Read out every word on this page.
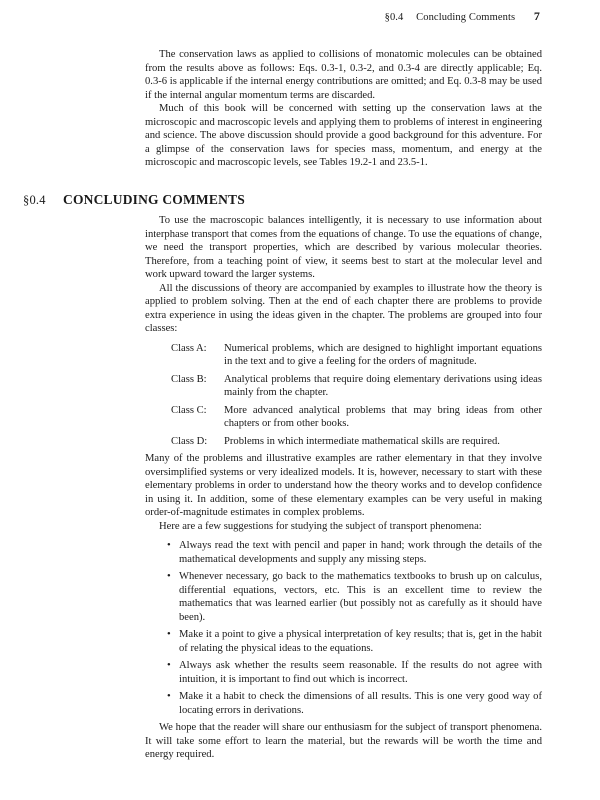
§0.4 Concluding Comments 7

The conservation laws as applied to collisions of monatomic molecules can be obtained from the results above as follows: Eqs. 0.3-1, 0.3-2, and 0.3-4 are directly applicable; Eq. 0.3-6 is applicable if the internal energy contributions are omitted; and Eq. 0.3-8 may be used if the internal angular momentum terms are discarded.

Much of this book will be concerned with setting up the conservation laws at the microscopic and macroscopic levels and applying them to problems of interest in engineering and science. The above discussion should provide a good background for this adventure. For a glimpse of the conservation laws for species mass, momentum, and energy at the microscopic and macroscopic levels, see Tables 19.2-1 and 23.5-1.

§0.4 CONCLUDING COMMENTS

To use the macroscopic balances intelligently, it is necessary to use information about interphase transport that comes from the equations of change. To use the equations of change, we need the transport properties, which are described by various molecular theories. Therefore, from a teaching point of view, it seems best to start at the molecular level and work upward toward the larger systems.

All the discussions of theory are accompanied by examples to illustrate how the theory is applied to problem solving. Then at the end of each chapter there are problems to provide extra experience in using the ideas given in the chapter. The problems are grouped into four classes:

Class A:	Numerical problems, which are designed to highlight important equations in the text and to give a feeling for the orders of magnitude.
Class B:	Analytical problems that require doing elementary derivations using ideas mainly from the chapter.
Class C:	More advanced analytical problems that may bring ideas from other chapters or from other books.
Class D:	Problems in which intermediate mathematical skills are required.

Many of the problems and illustrative examples are rather elementary in that they involve oversimplified systems or very idealized models. It is, however, necessary to start with these elementary problems in order to understand how the theory works and to develop confidence in using it. In addition, some of these elementary examples can be very useful in making order-of-magnitude estimates in complex problems.

Here are a few suggestions for studying the subject of transport phenomena:

• Always read the text with pencil and paper in hand; work through the details of the mathematical developments and supply any missing steps.
• Whenever necessary, go back to the mathematics textbooks to brush up on calculus, differential equations, vectors, etc. This is an excellent time to review the mathematics that was learned earlier (but possibly not as carefully as it should have been).
• Make it a point to give a physical interpretation of key results; that is, get in the habit of relating the physical ideas to the equations.
• Always ask whether the results seem reasonable. If the results do not agree with intuition, it is important to find out which is incorrect.
• Make it a habit to check the dimensions of all results. This is one very good way of locating errors in derivations.

We hope that the reader will share our enthusiasm for the subject of transport phenomena. It will take some effort to learn the material, but the rewards will be worth the time and energy required.
